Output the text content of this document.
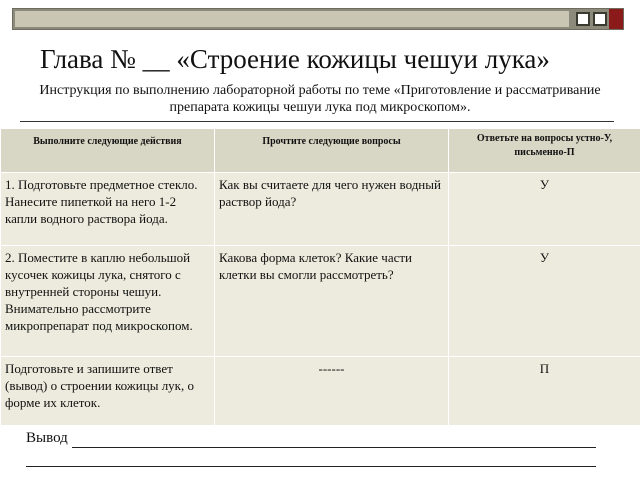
Глава № __ «Строение кожицы чешуи лука»
Инструкция по выполнению лабораторной работы по теме «Приготовление и рассматривание препарата кожицы чешуи лука под микроскопом».
Выполните следующие действия	Прочтите следующие вопросы	Ответьте на вопросы устно-У, письменно-П
1. Подготовьте предметное стекло. Нанесите пипеткой на него 1-2 капли водного раствора йода.	Как вы считаете для чего нужен водный раствор йода?	У
2. Поместите в каплю небольшой кусочек кожицы лука, снятого с внутренней стороны чешуи. Внимательно рассмотрите микропрепарат под микроскопом.	Какова форма клеток? Какие части клетки вы смогли рассмотреть?	У
Подготовьте и запишите ответ (вывод) о строении кожицы лук, о форме их клеток.	------	П
Вывод
